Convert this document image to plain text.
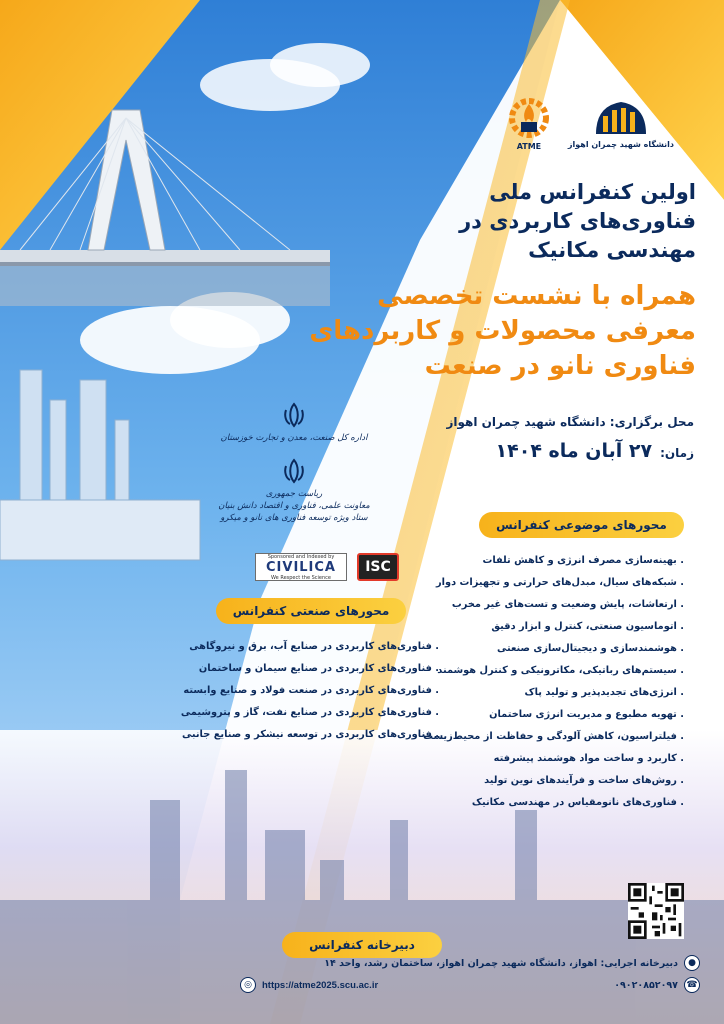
دانشگاه شهید چمران اهواز
ATME
اولین کنفرانس ملی
فناوری‌های کاربردی در
مهندسی مکانیک
همراه با نشست تخصصی
معرفی محصولات و کاربردهای
فناوری نانو در صنعت
محل برگزاری: دانشگاه شهید چمران اهواز
زمان:
۲۷ آبان ماه ۱۴۰۴
اداره کل صنعت، معدن و تجارت خوزستان
ریاست جمهوری
معاونت علمی، فناوری و اقتصاد دانش بنیان
ستاد ویژه توسعه فناوری های نانو و میکرو
ISC
Sponsored and Indexed by
CIVILICA
We Respect the Science
محورهای موضوعی کنفرانس
. بهینه‌سازی مصرف انرژی و کاهش تلفات
. شبکه‌های سیال، مبدل‌های حرارتی و تجهیزات دوار
. ارتعاشات، پایش وضعیت و تست‌های غیر مخرب
. اتوماسیون صنعتی، کنترل و ابزار دقیق
. هوشمندسازی و دیجیتال‌سازی صنعتی
. سیستم‌های رباتیکی، مکاترونیکی و کنترل هوشمند
. انرژی‌های تجدیدپذیر و تولید پاک
. تهویه مطبوع و مدیریت انرژی ساختمان
. فیلتراسیون، کاهش آلودگی و حفاظت از محیط‌زیست
. کاربرد و ساخت مواد هوشمند پیشرفته
. روش‌های ساخت و فرآیندهای نوین تولید
. فناوری‌های نانومقیاس در مهندسی مکانیک
محورهای صنعتی کنفرانس
. فناوری‌های کاربردی در صنایع آب، برق و نیروگاهی
. فناوری‌های کاربردی در صنایع سیمان و ساختمان
. فناوری‌های کاربردی در صنعت فولاد و صنایع وابسته
. فناوری‌های کاربردی در صنایع نفت، گاز و پتروشیمی
. فناوری‌های کاربردی در توسعه نیشکر و صنایع جانبی
دبیرخانه کنفرانس
●
دبیرخانه اجرایی: اهواز، دانشگاه شهید چمران اهواز، ساختمان رشد، واحد ۱۴
☎
۰۹۰۲۰۸۵۲۰۹۷
https://atme2025.scu.ac.ir
◎
